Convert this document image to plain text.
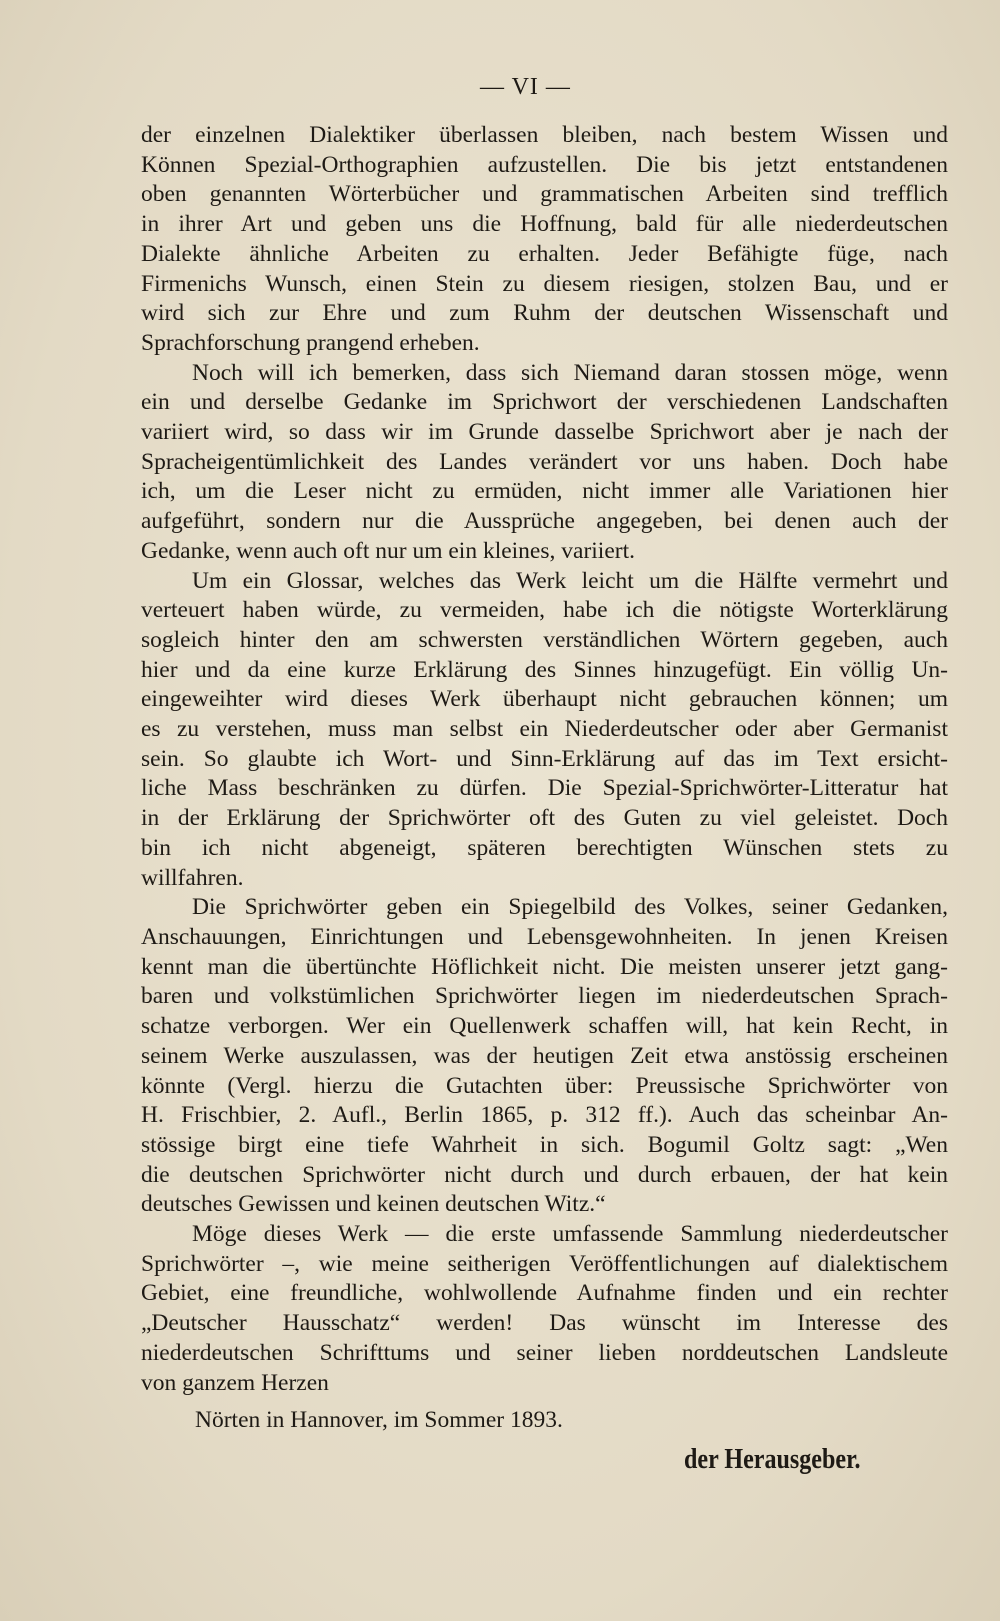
— VI —
der einzelnen Dialektiker überlassen bleiben, nach bestem Wissen und
Können Spezial-Orthographien aufzustellen. Die bis jetzt entstandenen
oben genannten Wörterbücher und grammatischen Arbeiten sind trefflich
in ihrer Art und geben uns die Hoffnung, bald für alle niederdeutschen
Dialekte ähnliche Arbeiten zu erhalten. Jeder Befähigte füge, nach
Firmenichs Wunsch, einen Stein zu diesem riesigen, stolzen Bau, und er
wird sich zur Ehre und zum Ruhm der deutschen Wissenschaft und
Sprachforschung prangend erheben.
Noch will ich bemerken, dass sich Niemand daran stossen möge, wenn
ein und derselbe Gedanke im Sprichwort der verschiedenen Landschaften
variiert wird, so dass wir im Grunde dasselbe Sprichwort aber je nach der
Spracheigentümlichkeit des Landes verändert vor uns haben. Doch habe
ich, um die Leser nicht zu ermüden, nicht immer alle Variationen hier
aufgeführt, sondern nur die Aussprüche angegeben, bei denen auch der
Gedanke, wenn auch oft nur um ein kleines, variiert.
Um ein Glossar, welches das Werk leicht um die Hälfte vermehrt und
verteuert haben würde, zu vermeiden, habe ich die nötigste Worterklärung
sogleich hinter den am schwersten verständlichen Wörtern gegeben, auch
hier und da eine kurze Erklärung des Sinnes hinzugefügt. Ein völlig Un-
eingeweihter wird dieses Werk überhaupt nicht gebrauchen können; um
es zu verstehen, muss man selbst ein Niederdeutscher oder aber Germanist
sein. So glaubte ich Wort- und Sinn-Erklärung auf das im Text ersicht-
liche Mass beschränken zu dürfen. Die Spezial-Sprichwörter-Litteratur hat
in der Erklärung der Sprichwörter oft des Guten zu viel geleistet. Doch
bin ich nicht abgeneigt, späteren berechtigten Wünschen stets zu
willfahren.
Die Sprichwörter geben ein Spiegelbild des Volkes, seiner Gedanken,
Anschauungen, Einrichtungen und Lebensgewohnheiten. In jenen Kreisen
kennt man die übertünchte Höflichkeit nicht. Die meisten unserer jetzt gang-
baren und volkstümlichen Sprichwörter liegen im niederdeutschen Sprach-
schatze verborgen. Wer ein Quellenwerk schaffen will, hat kein Recht, in
seinem Werke auszulassen, was der heutigen Zeit etwa anstössig erscheinen
könnte (Vergl. hierzu die Gutachten über: Preussische Sprichwörter von
H. Frischbier, 2. Aufl., Berlin 1865, p. 312 ff.). Auch das scheinbar An-
stössige birgt eine tiefe Wahrheit in sich. Bogumil Goltz sagt: „Wen
die deutschen Sprichwörter nicht durch und durch erbauen, der hat kein
deutsches Gewissen und keinen deutschen Witz.“
Möge dieses Werk — die erste umfassende Sammlung niederdeutscher
Sprichwörter –, wie meine seitherigen Veröffentlichungen auf dialektischem
Gebiet, eine freundliche, wohlwollende Aufnahme finden und ein rechter
„Deutscher Hausschatz“ werden! Das wünscht im Interesse des
niederdeutschen Schrifttums und seiner lieben norddeutschen Landsleute
von ganzem Herzen
Nörten in Hannover, im Sommer 1893.
der Herausgeber.
